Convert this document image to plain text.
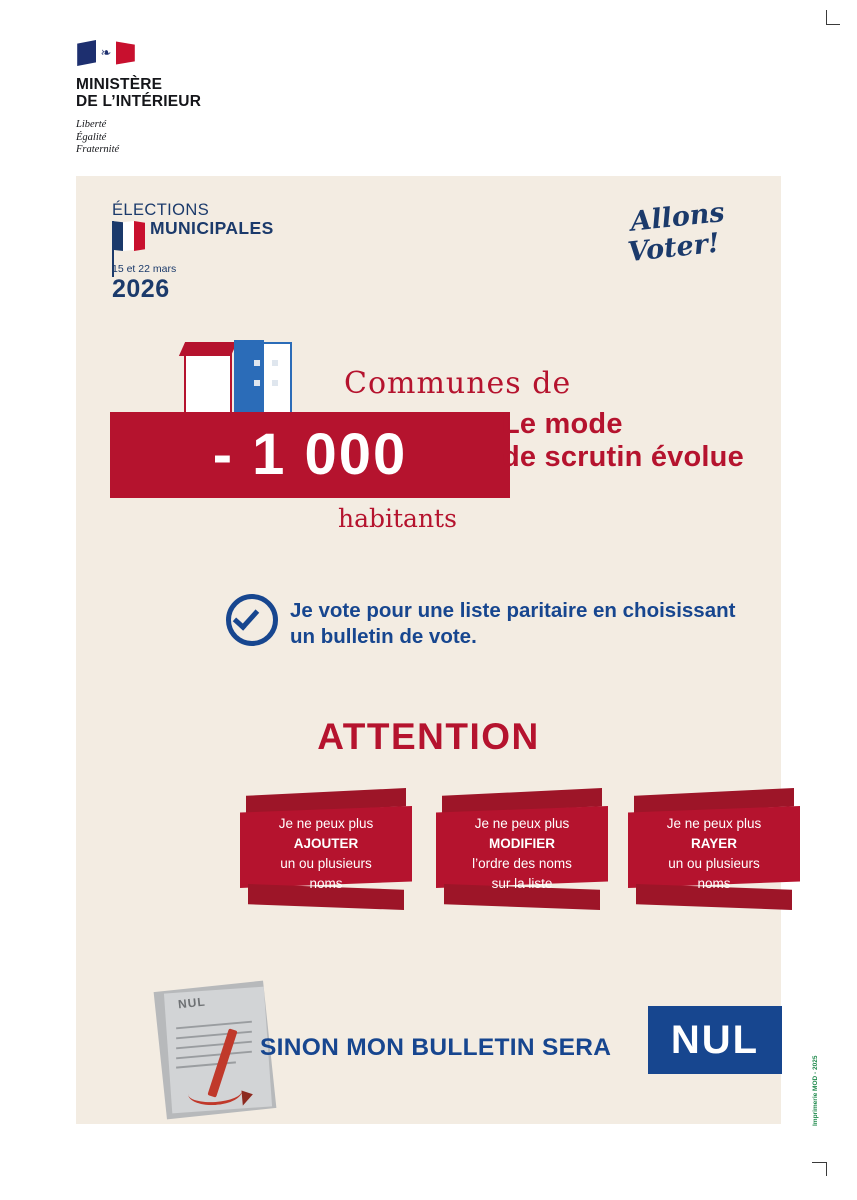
❧
MINISTÈRE
DE L’INTÉRIEUR
Liberté
Égalité
Fraternité
ÉLECTIONS
MUNICIPALES
15 et 22 mars
2026
Allons
Voter!
Communes de
- 1 000
habitants
Le mode
de scrutin évolue
Je vote pour une liste paritaire en choisissant
un bulletin de vote.
ATTENTION
Je ne peux plus
AJOUTER
un ou plusieurs
noms
Je ne peux plus
MODIFIER
l’ordre des noms
sur la liste
Je ne peux plus
RAYER
un ou plusieurs
noms
NUL
SINON MON BULLETIN SERA	NUL
Imprimerie MOD - 2025
